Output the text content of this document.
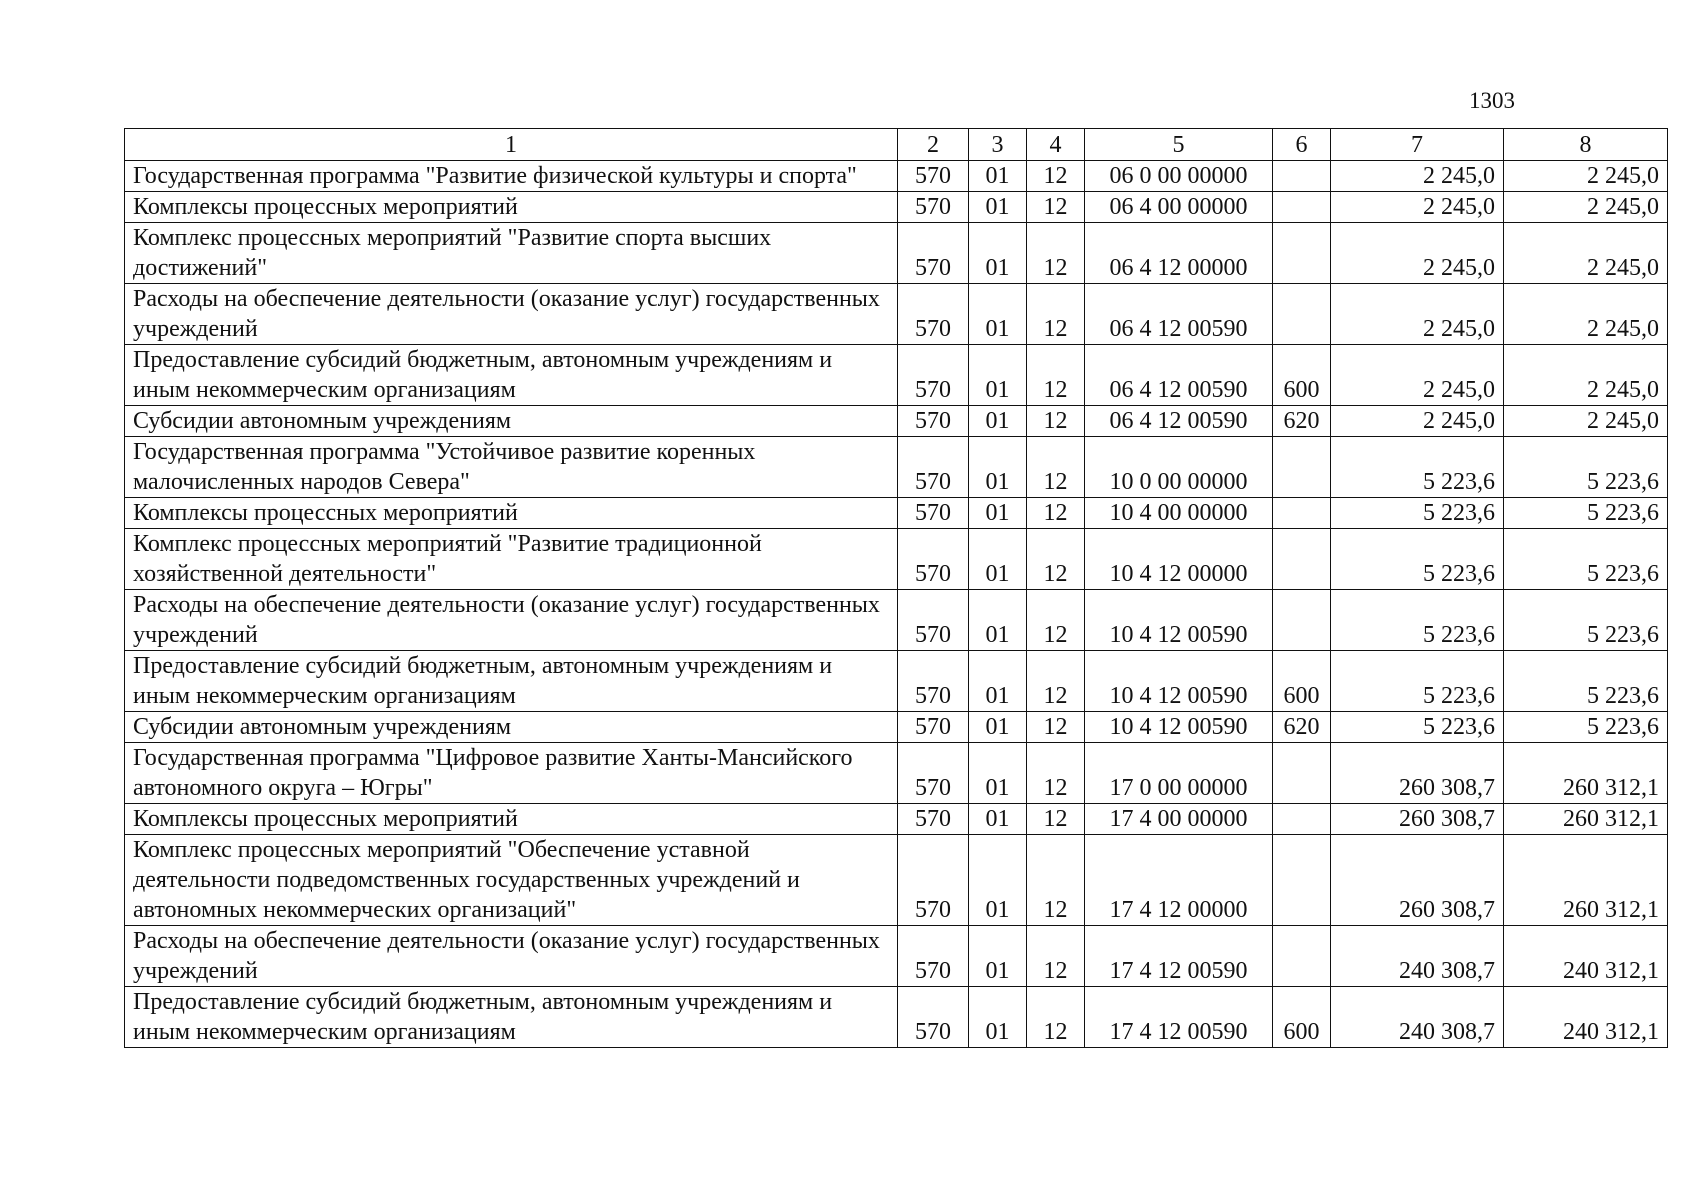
1303
1	2	3	4	5	6	7	8
Государственная программа "Развитие физической культуры и спорта"	570	01	12	06 0 00 00000		2 245,0	2 245,0
Комплексы процессных мероприятий	570	01	12	06 4 00 00000		2 245,0	2 245,0
Комплекс процессных мероприятий "Развитие спорта высших достижений"	570	01	12	06 4 12 00000		2 245,0	2 245,0
Расходы на обеспечение деятельности (оказание услуг) государственных учреждений	570	01	12	06 4 12 00590		2 245,0	2 245,0
Предоставление субсидий бюджетным, автономным учреждениям и иным некоммерческим организациям	570	01	12	06 4 12 00590	600	2 245,0	2 245,0
Субсидии автономным учреждениям	570	01	12	06 4 12 00590	620	2 245,0	2 245,0
Государственная программа "Устойчивое развитие коренных малочисленных народов Севера"	570	01	12	10 0 00 00000		5 223,6	5 223,6
Комплексы процессных мероприятий	570	01	12	10 4 00 00000		5 223,6	5 223,6
Комплекс процессных мероприятий "Развитие традиционной хозяйственной деятельности"	570	01	12	10 4 12 00000		5 223,6	5 223,6
Расходы на обеспечение деятельности (оказание услуг) государственных учреждений	570	01	12	10 4 12 00590		5 223,6	5 223,6
Предоставление субсидий бюджетным, автономным учреждениям и иным некоммерческим организациям	570	01	12	10 4 12 00590	600	5 223,6	5 223,6
Субсидии автономным учреждениям	570	01	12	10 4 12 00590	620	5 223,6	5 223,6
Государственная программа "Цифровое развитие Ханты-Мансийского автономного округа – Югры"	570	01	12	17 0 00 00000		260 308,7	260 312,1
Комплексы процессных мероприятий	570	01	12	17 4 00 00000		260 308,7	260 312,1
Комплекс процессных мероприятий "Обеспечение уставной деятельности подведомственных государственных учреждений и автономных некоммерческих организаций"	570	01	12	17 4 12 00000		260 308,7	260 312,1
Расходы на обеспечение деятельности (оказание услуг) государственных учреждений	570	01	12	17 4 12 00590		240 308,7	240 312,1
Предоставление субсидий бюджетным, автономным учреждениям и иным некоммерческим организациям	570	01	12	17 4 12 00590	600	240 308,7	240 312,1
